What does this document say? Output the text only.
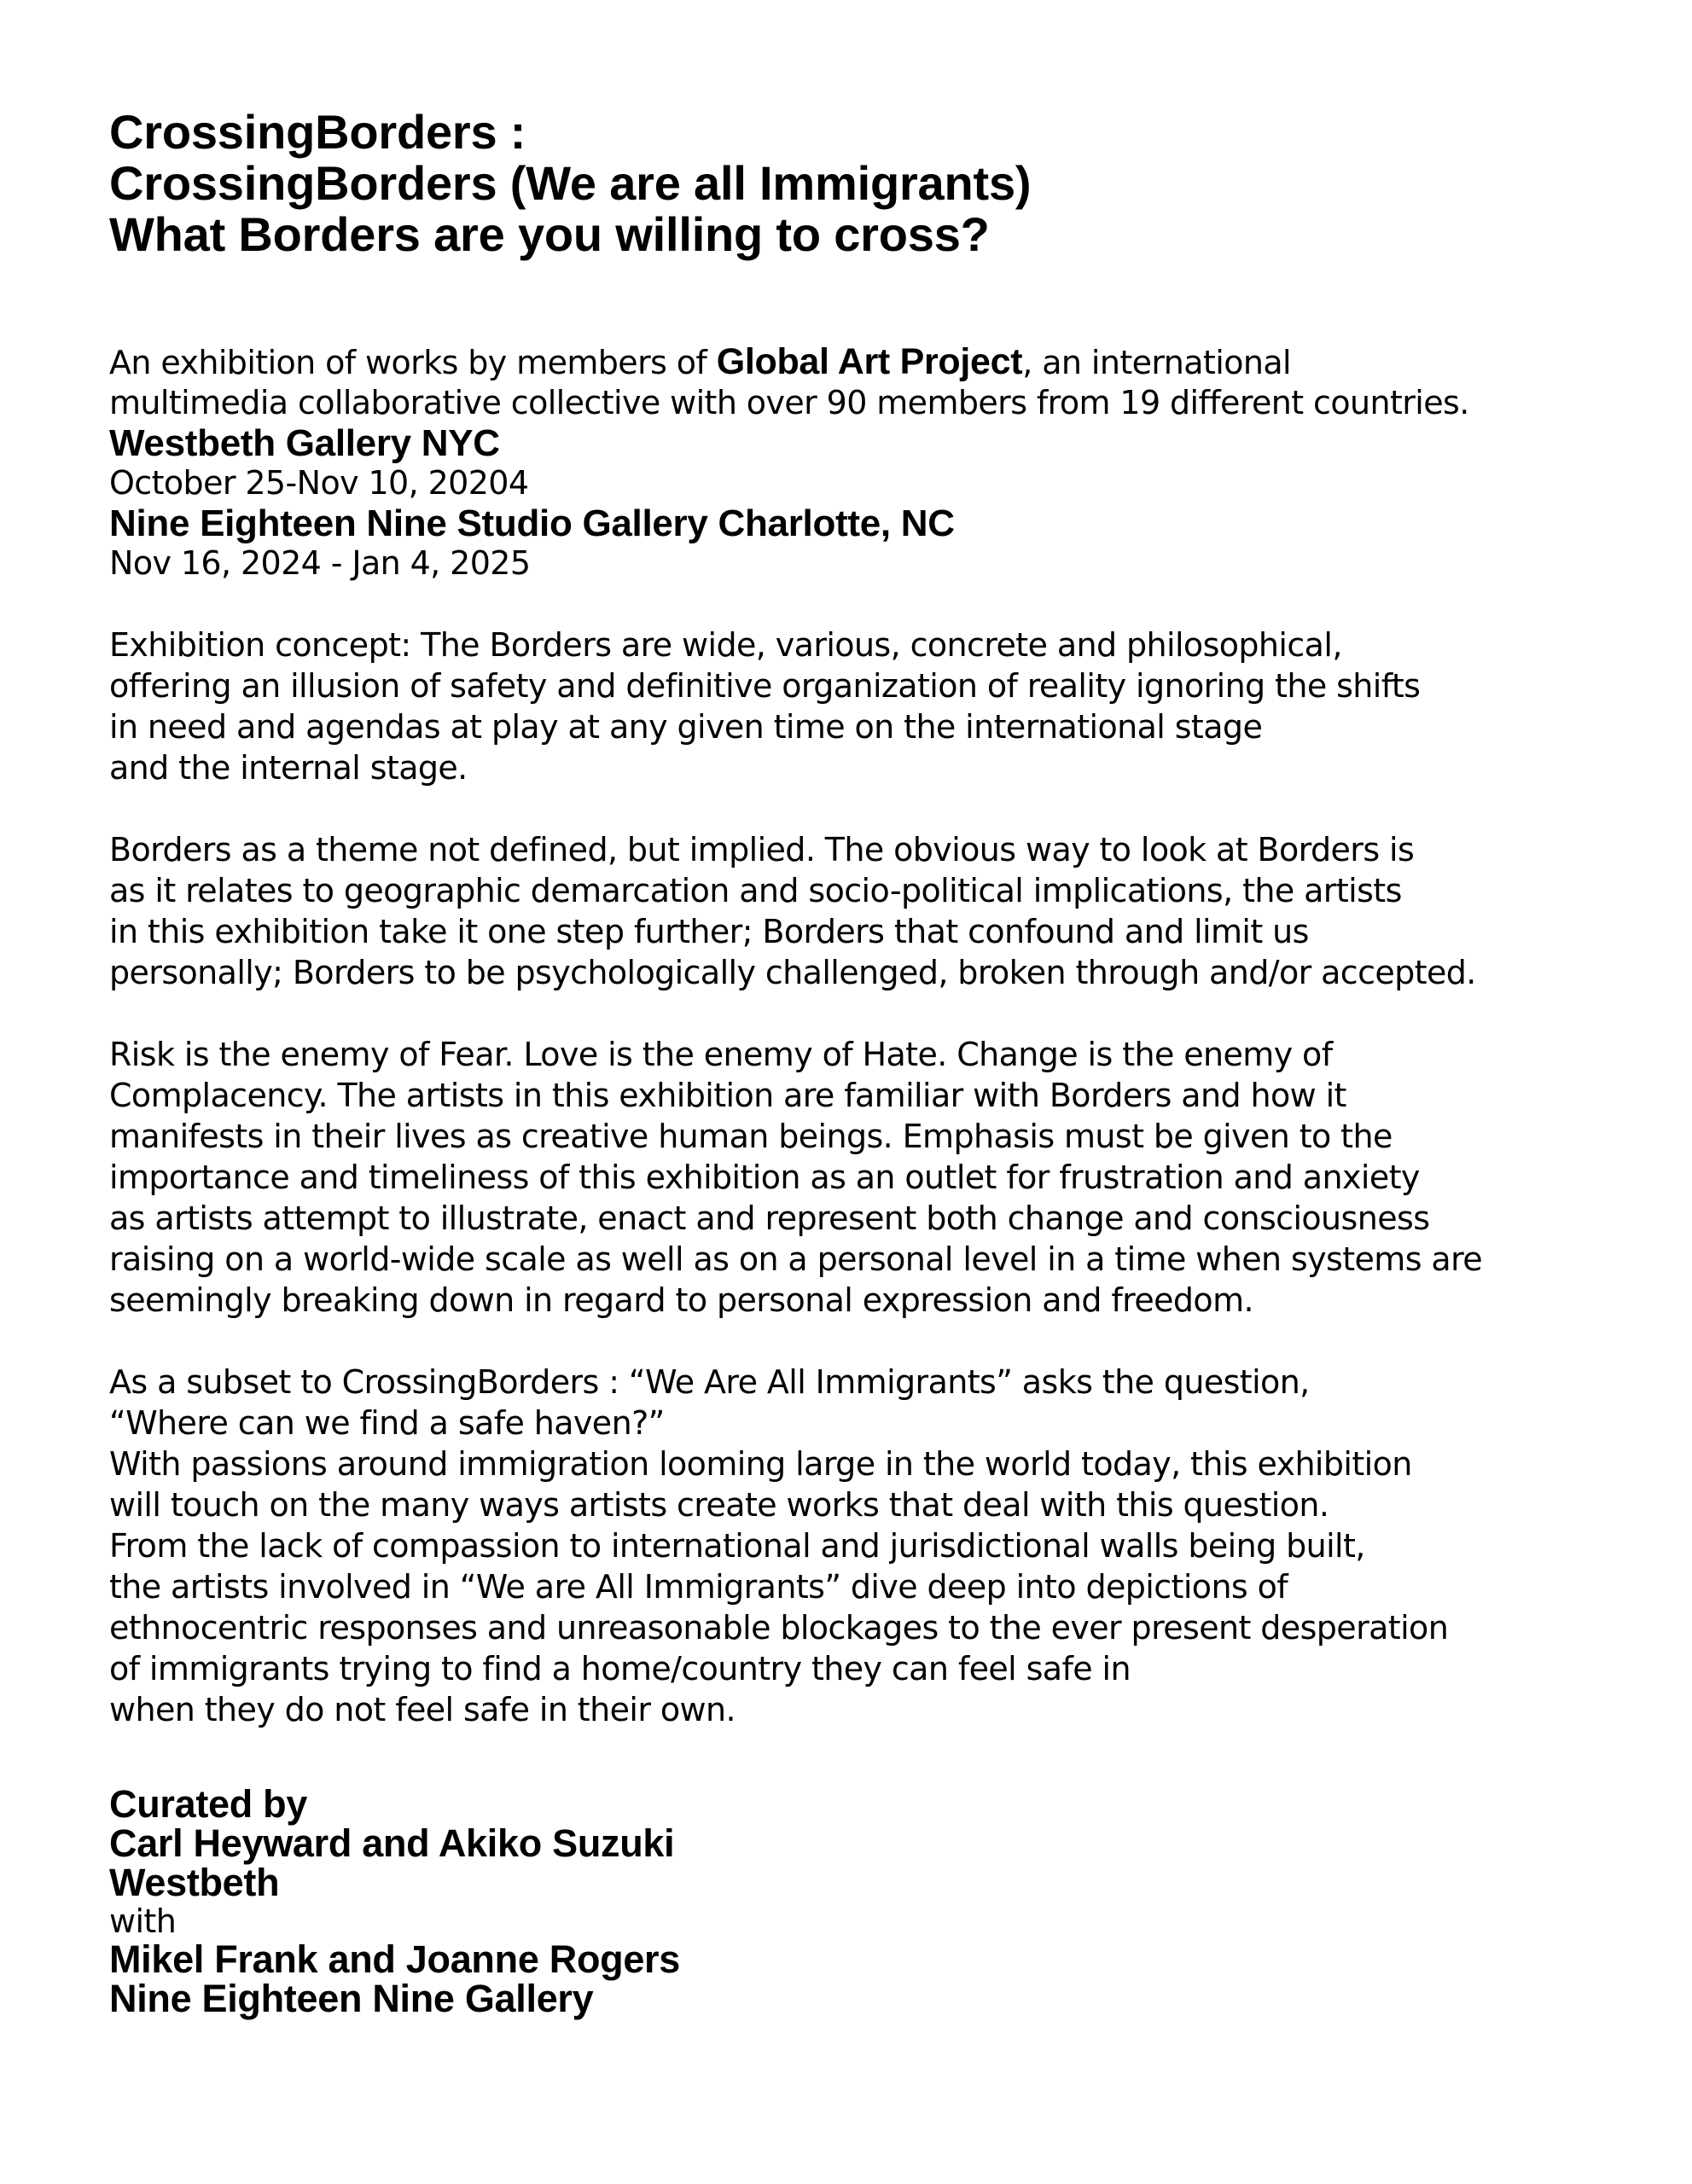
CrossingBorders :
CrossingBorders (We are all Immigrants)
What Borders are you willing to cross?
An exhibition of works by members of Global Art Project, an international
multimedia collaborative collective with over 90 members from 19 different countries.
Westbeth Gallery NYC
October 25-Nov 10, 20204
Nine Eighteen Nine Studio Gallery Charlotte, NC
Nov 16, 2024 - Jan 4, 2025
Exhibition concept: The Borders are wide, various, concrete and philosophical,
offering an illusion of safety and definitive organization of reality ignoring the shifts
in need and agendas at play at any given time on the international stage
and the internal stage.
Borders as a theme not defined, but implied. The obvious way to look at Borders is
as it relates to geographic demarcation and socio-political implications, the artists
in this exhibition take it one step further; Borders that confound and limit us
personally; Borders to be psychologically challenged, broken through and/or accepted.
Risk is the enemy of Fear. Love is the enemy of Hate. Change is the enemy of
Complacency. The artists in this exhibition are familiar with Borders and how it
manifests in their lives as creative human beings. Emphasis must be given to the
importance and timeliness of this exhibition as an outlet for frustration and anxiety
as artists attempt to illustrate, enact and represent both change and consciousness
raising on a world-wide scale as well as on a personal level in a time when systems are
seemingly breaking down in regard to personal expression and freedom.
As a subset to CrossingBorders : “We Are All Immigrants” asks the question,
“Where can we find a safe haven?”
With passions around immigration looming large in the world today, this exhibition
will touch on the many ways artists create works that deal with this question.
From the lack of compassion to international and jurisdictional walls being built,
the artists involved in “We are All Immigrants” dive deep into depictions of
ethnocentric responses and unreasonable blockages to the ever present desperation
of immigrants trying to find a home/country they can feel safe in
when they do not feel safe in their own.
Curated by
Carl Heyward and Akiko Suzuki
Westbeth
with
Mikel Frank and Joanne Rogers
Nine Eighteen Nine Gallery
